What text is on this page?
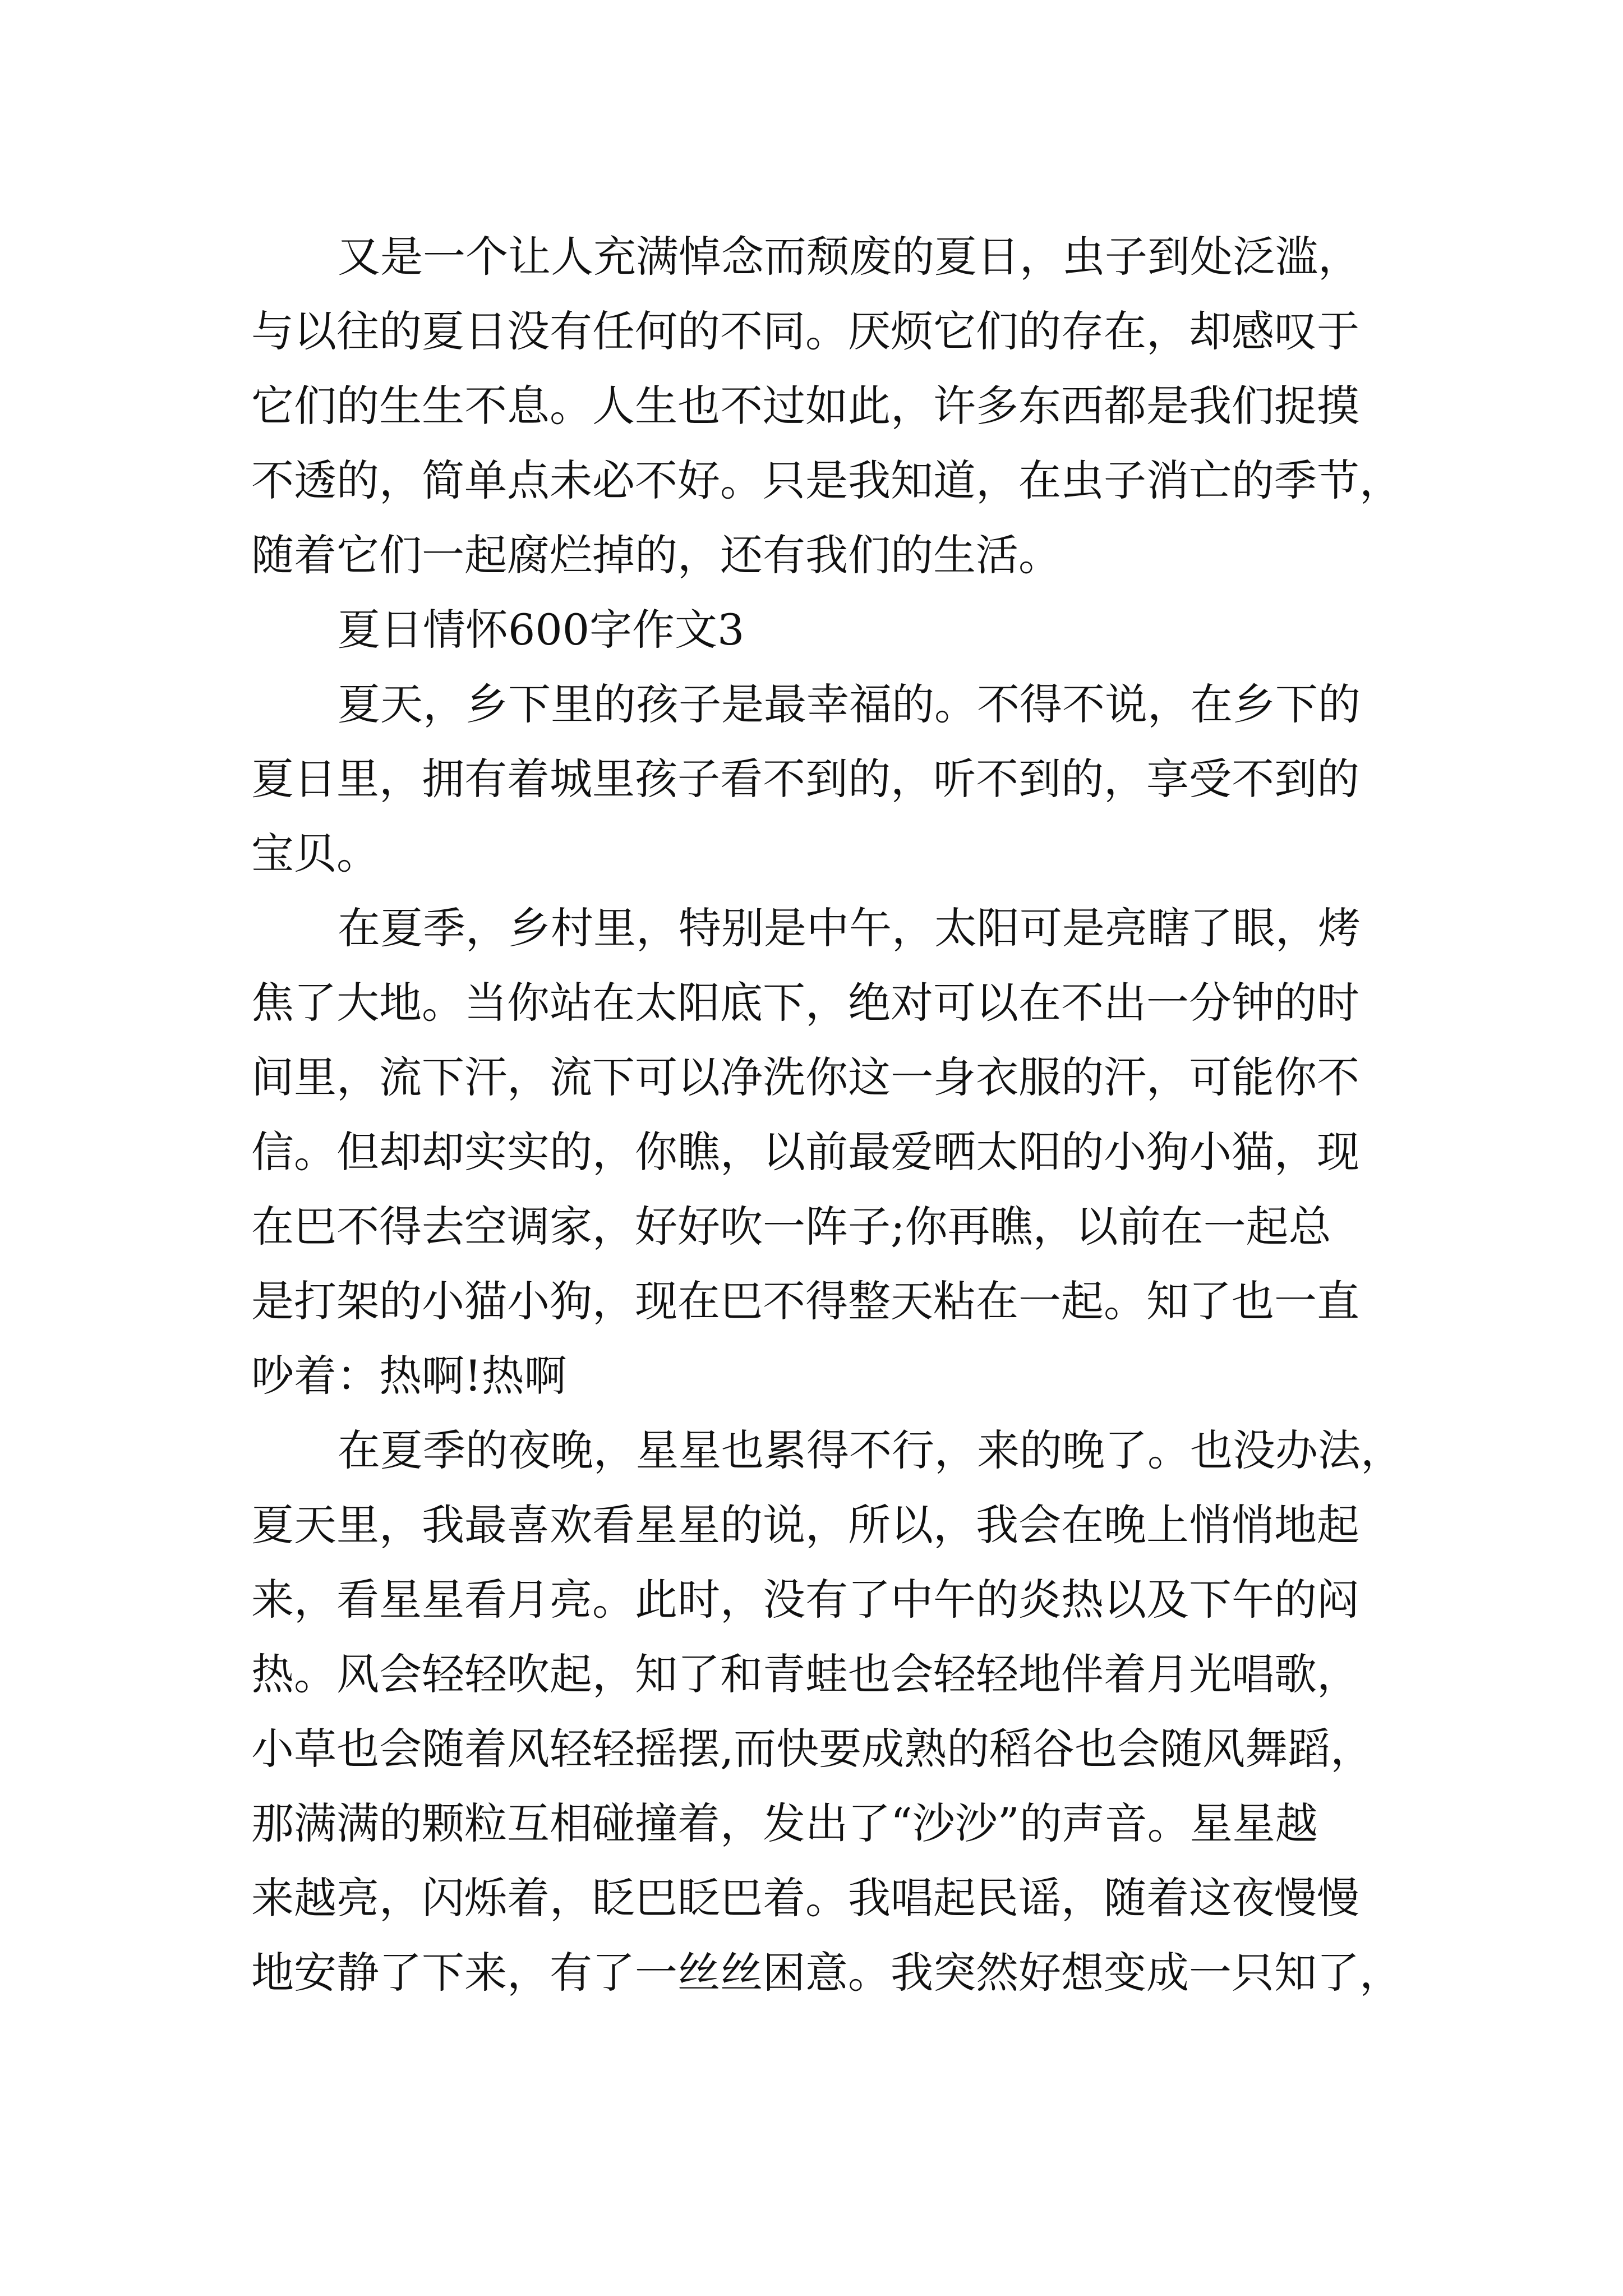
又是一个让人充满悼念而颓废的夏日，虫子到处泛滥，
与以往的夏日没有任何的不同。厌烦它们的存在，却感叹于
它们的生生不息。人生也不过如此，许多东西都是我们捉摸
不透的，简单点未必不好。只是我知道，在虫子消亡的季节，
随着它们一起腐烂掉的，还有我们的生活。
夏日情怀600字作文3
夏天，乡下里的孩子是最幸福的。不得不说，在乡下的
夏日里，拥有着城里孩子看不到的，听不到的，享受不到的
宝贝。
在夏季，乡村里，特别是中午，太阳可是亮瞎了眼，烤
焦了大地。当你站在太阳底下，绝对可以在不出一分钟的时
间里，流下汗，流下可以净洗你这一身衣服的汗，可能你不
信。但却却实实的，你瞧，以前最爱晒太阳的小狗小猫，现
在巴不得去空调家，好好吹一阵子;你再瞧，以前在一起总
是打架的小猫小狗，现在巴不得整天粘在一起。知了也一直
吵着：热啊!热啊
在夏季的夜晚，星星也累得不行，来的晚了。也没办法，
夏天里，我最喜欢看星星的说，所以，我会在晚上悄悄地起
来，看星星看月亮。此时，没有了中午的炎热以及下午的闷
热。风会轻轻吹起，知了和青蛙也会轻轻地伴着月光唱歌，
小草也会随着风轻轻摇摆,而快要成熟的稻谷也会随风舞蹈，
那满满的颗粒互相碰撞着，发出了“沙沙”的声音。星星越
来越亮，闪烁着，眨巴眨巴着。我唱起民谣，随着这夜慢慢
地安静了下来，有了一丝丝困意。我突然好想变成一只知了，
